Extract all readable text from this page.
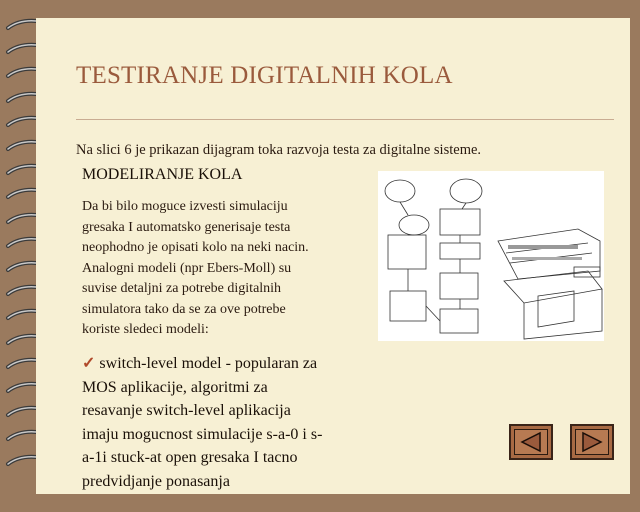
TESTIRANJE DIGITALNIH KOLA
Na slici 6 je prikazan dijagram toka razvoja testa za digitalne sisteme.
MODELIRANJE KOLA
Da bi bilo moguce izvesti simulaciju
gresaka I automatsko generisaje testa
neophodno je opisati kolo na neki nacin.
Analogni modeli (npr Ebers-Moll) su
suvise detaljni za potrebe digitalnih
simulatora tako da se za ove potrebe
koriste sledeci modeli:
✓ switch-level model - popularan za
MOS aplikacije, algoritmi za
resavanje switch-level aplikacija
imaju mogucnost simulacije s-a-0 i s-
a-1i stuck-at open gresaka I tacno
predvidjanje ponasanja
